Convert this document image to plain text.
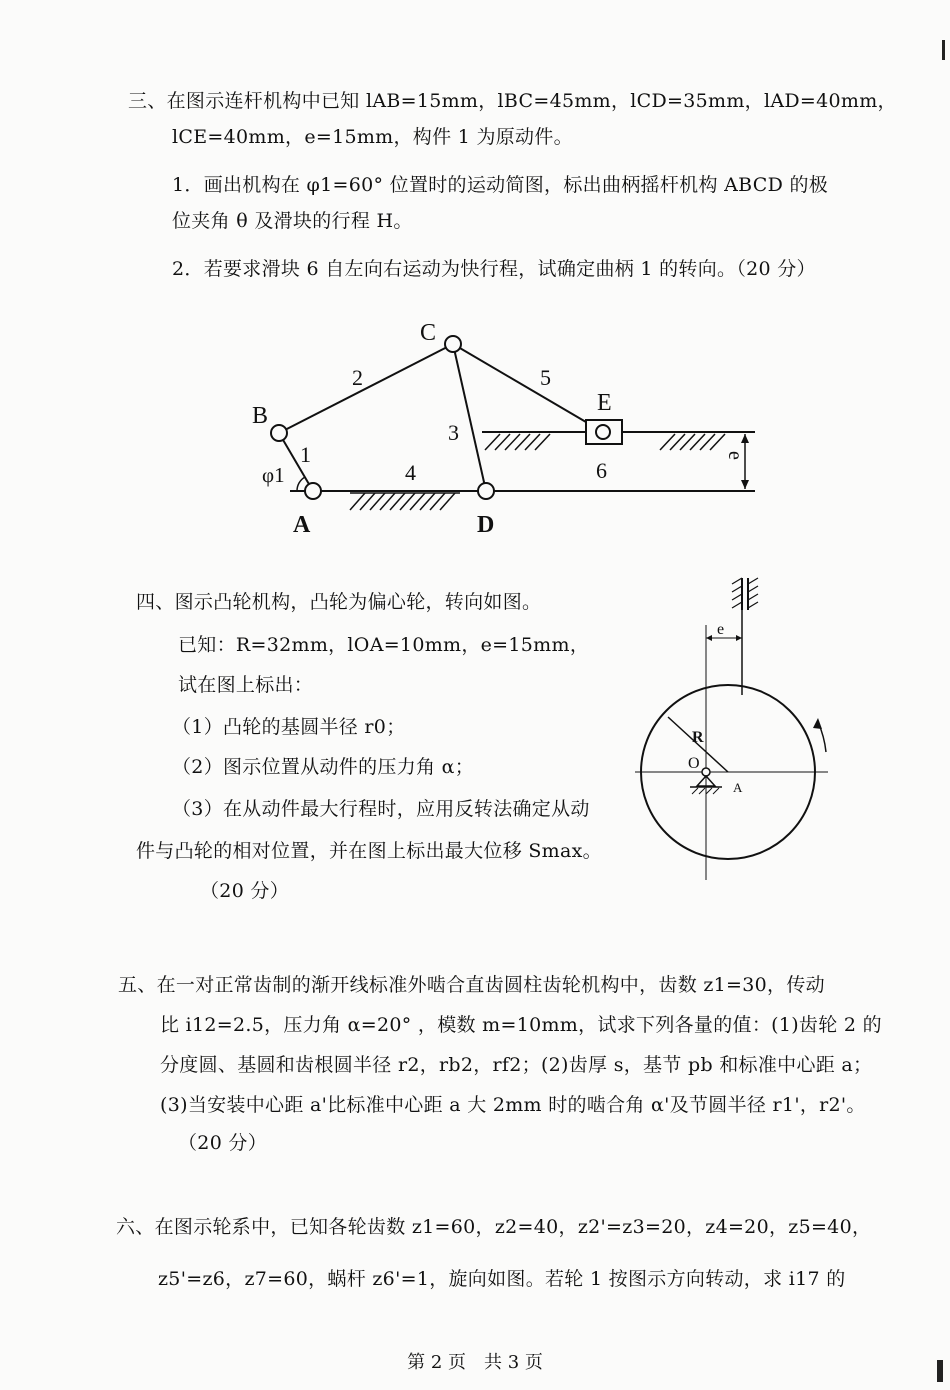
三、在图示连杆机构中已知 lAB=15mm，lBC=45mm，lCD=35mm，lAD=40mm，
lCE=40mm，e=15mm，构件 1 为原动件。
1．画出机构在 φ1=60° 位置时的运动简图，标出曲柄摇杆机构 ABCD 的极
位夹角 θ 及滑块的行程 H。
2．若要求滑块 6 自左向右运动为快行程，试确定曲柄 1 的转向。（20 分）
C
B
A	D
E
1
2
3
4
5
6
φ1
e
四、图示凸轮机构，凸轮为偏心轮，转向如图。
已知：R=32mm，lOA=10mm，e=15mm，
试在图上标出：
（1）凸轮的基圆半径 r0；
（2）图示位置从动件的压力角 α；
（3）在从动件最大行程时，应用反转法确定从动
件与凸轮的相对位置，并在图上标出最大位移 Smax。
（20 分）
e
R
O
A
五、在一对正常齿制的渐开线标准外啮合直齿圆柱齿轮机构中，齿数 z1=30，传动
比 i12=2.5，压力角 α=20° ，模数 m=10mm，试求下列各量的值：(1)齿轮 2 的
分度圆、基圆和齿根圆半径 r2，rb2，rf2；(2)齿厚 s，基节 pb 和标准中心距 a；
(3)当安装中心距 a'比标准中心距 a 大 2mm 时的啮合角 α'及节圆半径 r1'，r2'。
（20 分）
六、在图示轮系中，已知各轮齿数 z1=60，z2=40，z2'=z3=20，z4=20，z5=40，
z5'=z6，z7=60，蜗杆 z6'=1，旋向如图。若轮 1 按图示方向转动，求 i17 的
第 2 页　共 3 页
